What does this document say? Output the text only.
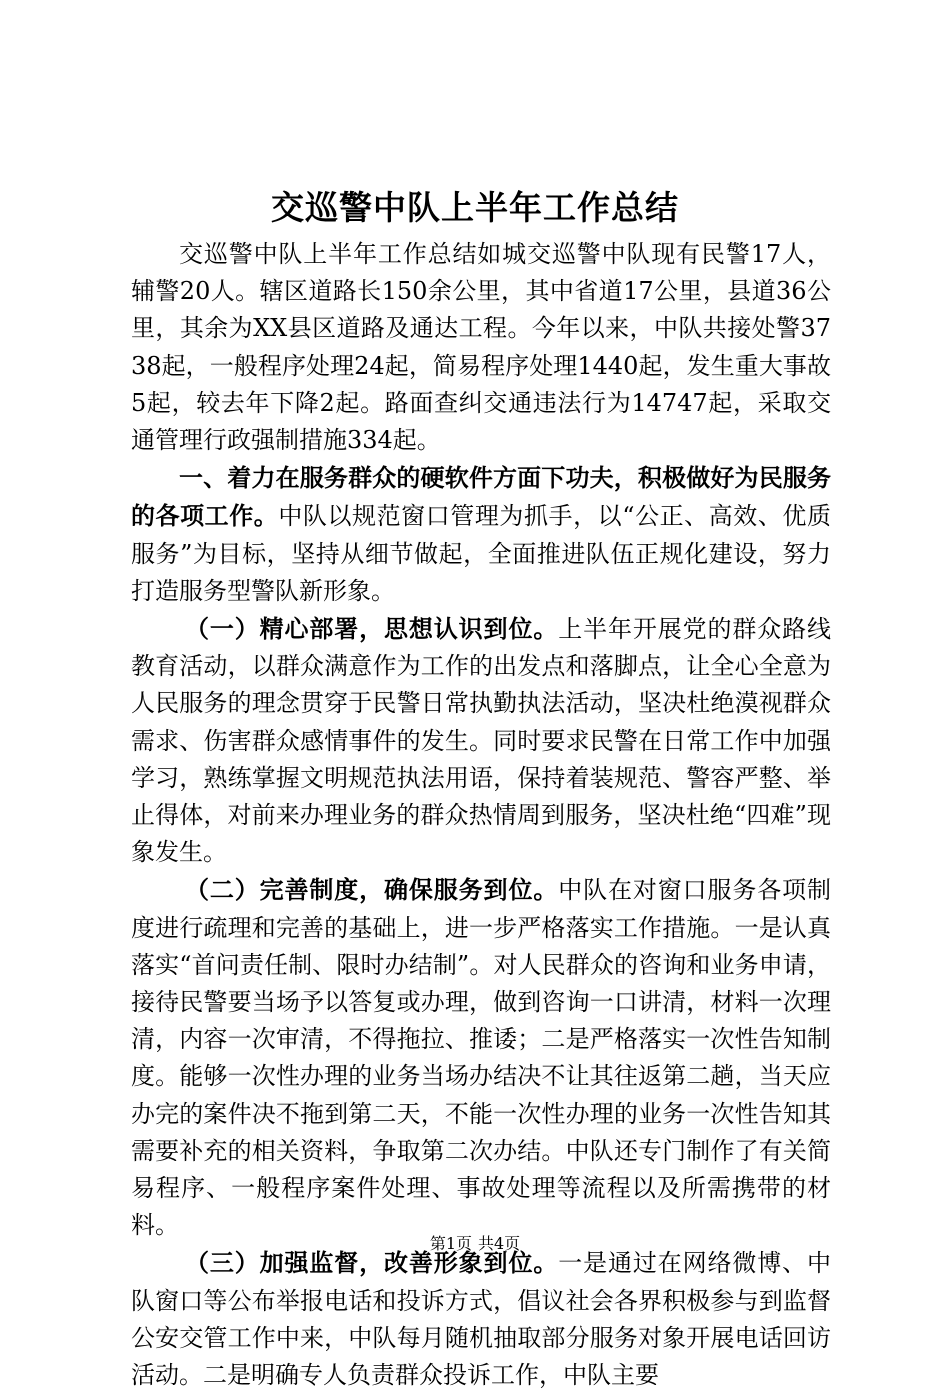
交巡警中队上半年工作总结

交巡警中队上半年工作总结如城交巡警中队现有民警17人，辅警20人。辖区道路长150余公里，其中省道17公里，县道36公里，其余为XX县区道路及通达工程。今年以来，中队共接处警3738起，一般程序处理24起，简易程序处理1440起，发生重大事故5起，较去年下降2起。路面查纠交通违法行为14747起，采取交通管理行政强制措施334起。

一、着力在服务群众的硬软件方面下功夫，积极做好为民服务的各项工作。中队以规范窗口管理为抓手，以“公正、高效、优质服务”为目标，坚持从细节做起，全面推进队伍正规化建设，努力打造服务型警队新形象。

（一）精心部署，思想认识到位。上半年开展党的群众路线教育活动，以群众满意作为工作的出发点和落脚点，让全心全意为人民服务的理念贯穿于民警日常执勤执法活动，坚决杜绝漠视群众需求、伤害群众感情事件的发生。同时要求民警在日常工作中加强学习，熟练掌握文明规范执法用语，保持着装规范、警容严整、举止得体，对前来办理业务的群众热情周到服务，坚决杜绝“四难”现象发生。

（二）完善制度，确保服务到位。中队在对窗口服务各项制度进行疏理和完善的基础上，进一步严格落实工作措施。一是认真落实“首问责任制、限时办结制”。对人民群众的咨询和业务申请，接待民警要当场予以答复或办理，做到咨询一口讲清，材料一次理清，内容一次审清，不得拖拉、推诿；二是严格落实一次性告知制度。能够一次性办理的业务当场办结决不让其往返第二趟，当天应办完的案件决不拖到第二天，不能一次性办理的业务一次性告知其需要补充的相关资料，争取第二次办结。中队还专门制作了有关简易程序、一般程序案件处理、事故处理等流程以及所需携带的材料。

（三）加强监督，改善形象到位。一是通过在网络微博、中队窗口等公布举报电话和投诉方式，倡议社会各界积极参与到监督公安交管工作中来，中队每月随机抽取部分服务对象开展电话回访活动。二是明确专人负责群众投诉工作，中队主要

第1页 共4页
